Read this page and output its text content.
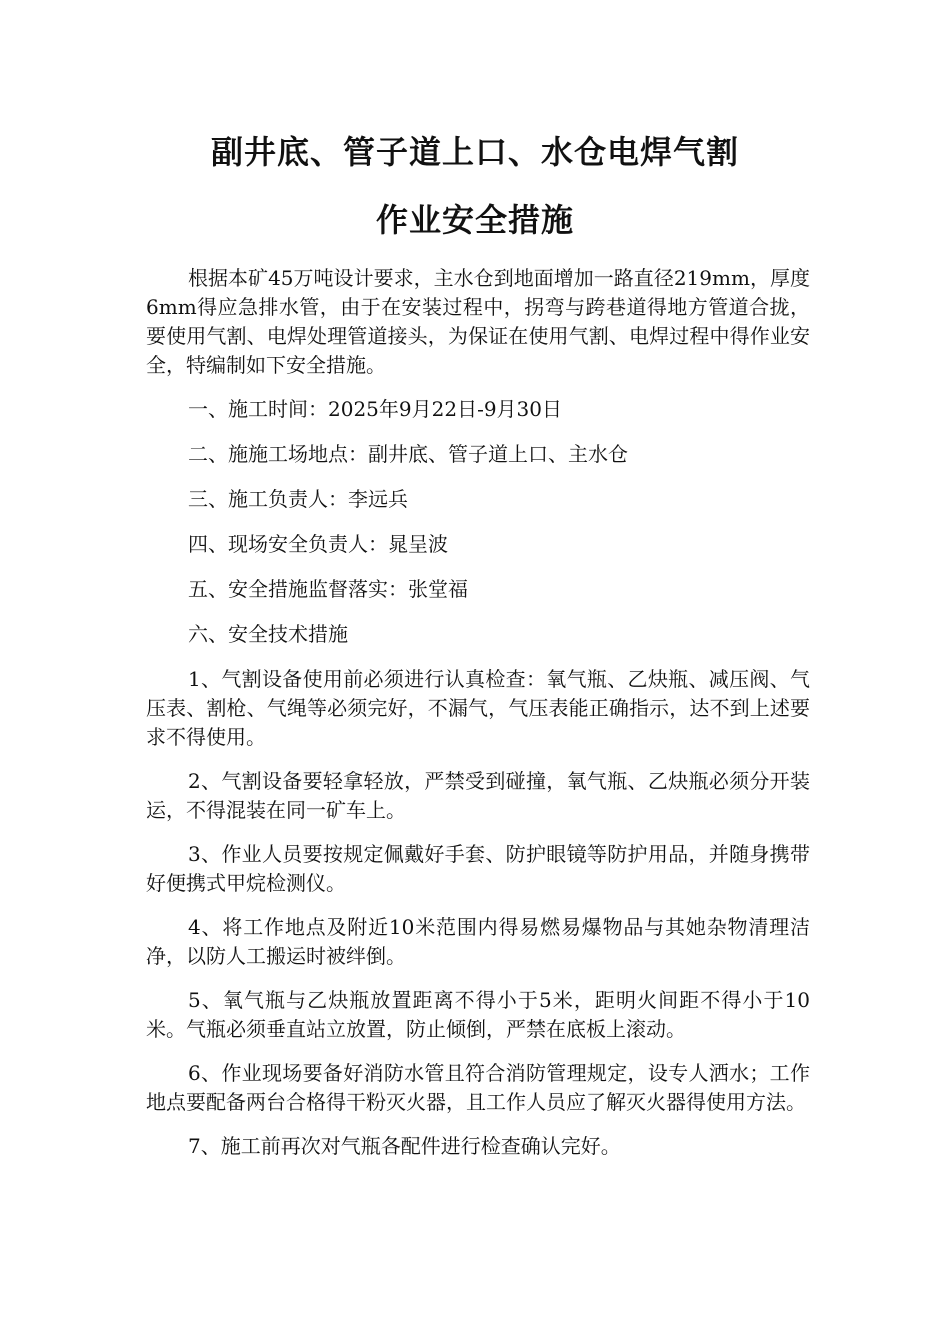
副井底、管子道上口、水仓电焊气割
作业安全措施

根据本矿45万吨设计要求，主水仓到地面增加一路直径219mm，厚度6mm得应急排水管，由于在安装过程中，拐弯与跨巷道得地方管道合拢，要使用气割、电焊处理管道接头，为保证在使用气割、电焊过程中得作业安全，特编制如下安全措施。

一、施工时间：2025年9月22日-9月30日

二、施施工场地点：副井底、管子道上口、主水仓

三、施工负责人：李远兵

四、现场安全负责人：晁呈波

五、安全措施监督落实：张堂福

六、安全技术措施

1、气割设备使用前必须进行认真检查：氧气瓶、乙炔瓶、减压阀、气压表、割枪、气绳等必须完好，不漏气，气压表能正确指示，达不到上述要求不得使用。

2、气割设备要轻拿轻放，严禁受到碰撞，氧气瓶、乙炔瓶必须分开装运，不得混装在同一矿车上。

3、作业人员要按规定佩戴好手套、防护眼镜等防护用品，并随身携带好便携式甲烷检测仪。

4、将工作地点及附近10米范围内得易燃易爆物品与其她杂物清理洁净，以防人工搬运时被绊倒。

5、氧气瓶与乙炔瓶放置距离不得小于5米，距明火间距不得小于10米。气瓶必须垂直站立放置，防止倾倒，严禁在底板上滚动。

6、作业现场要备好消防水管且符合消防管理规定，设专人洒水；工作地点要配备两台合格得干粉灭火器，且工作人员应了解灭火器得使用方法。

7、施工前再次对气瓶各配件进行检查确认完好。
